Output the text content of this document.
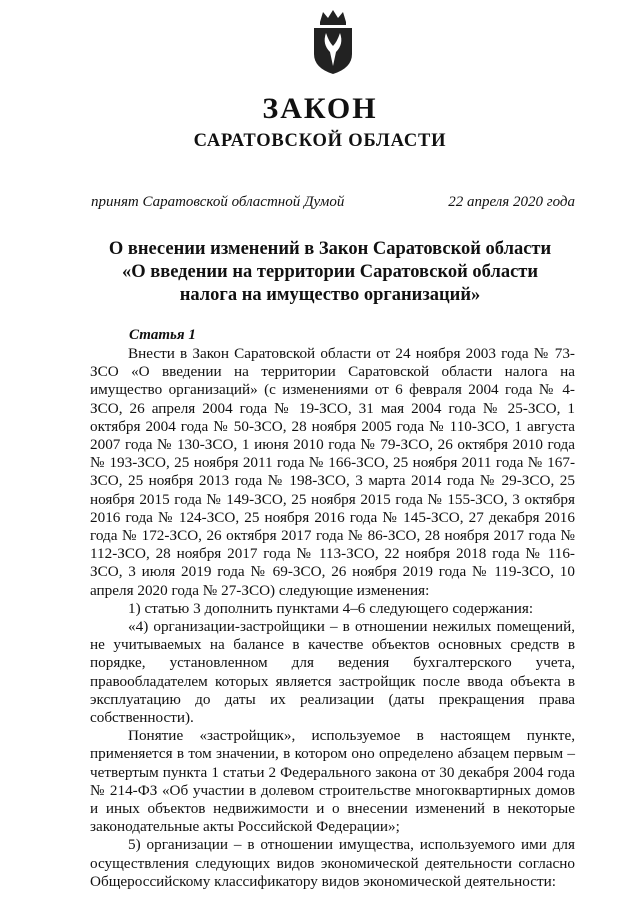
ЗАКОН
САРАТОВСКОЙ ОБЛАСТИ
принят Саратовской областной Думой	22 апреля 2020 года
О внесении изменений в Закон Саратовской области
«О введении на территории Саратовской области
налога на имущество организаций»
Статья 1

Внести в Закон Саратовской области от 24 ноября 2003 года № 73-ЗСО «О введении на территории Саратовской области налога на имущество организаций» (с изменениями от 6 февраля 2004 года № 4-ЗСО, 26 апреля 2004 года № 19-ЗСО, 31 мая 2004 года № 25-ЗСО, 1 октября 2004 года № 50-ЗСО, 28 ноября 2005 года № 110-ЗСО, 1 августа 2007 года № 130-ЗСО, 1 июня 2010 года № 79-ЗСО, 26 октября 2010 года № 193-ЗСО, 25 ноября 2011 года № 166-ЗСО, 25 ноября 2011 года № 167-ЗСО, 25 ноября 2013 года № 198-ЗСО, 3 марта 2014 года № 29-ЗСО, 25 ноября 2015 года № 149-ЗСО, 25 ноября 2015 года № 155-ЗСО, 3 октября 2016 года № 124-ЗСО, 25 ноября 2016 года № 145-ЗСО, 27 декабря 2016 года № 172-ЗСО, 26 октября 2017 года № 86-ЗСО, 28 ноября 2017 года № 112-ЗСО, 28 ноября 2017 года № 113-ЗСО, 22 ноября 2018 года № 116-ЗСО, 3 июля 2019 года № 69-ЗСО, 26 ноября 2019 года № 119-ЗСО, 10 апреля 2020 года № 27-ЗСО) следующие изменения:

1) статью 3 дополнить пунктами 4–6 следующего содержания:

«4) организации-застройщики – в отношении нежилых помещений, не учитываемых на балансе в качестве объектов основных средств в порядке, установленном для ведения бухгалтерского учета, правообладателем которых является застройщик после ввода объекта в эксплуатацию до даты их реализации (даты прекращения права собственности).

Понятие «застройщик», используемое в настоящем пункте, применяется в том значении, в котором оно определено абзацем первым – четвертым пункта 1 статьи 2 Федерального закона от 30 декабря 2004 года № 214-ФЗ «Об участии в долевом строительстве многоквартирных домов и иных объектов недвижимости и о внесении изменений в некоторые законодательные акты Российской Федерации»;

5) организации – в отношении имущества, используемого ими для осуществления следующих видов экономической деятельности согласно Общероссийскому классификатору видов экономической деятельности:
